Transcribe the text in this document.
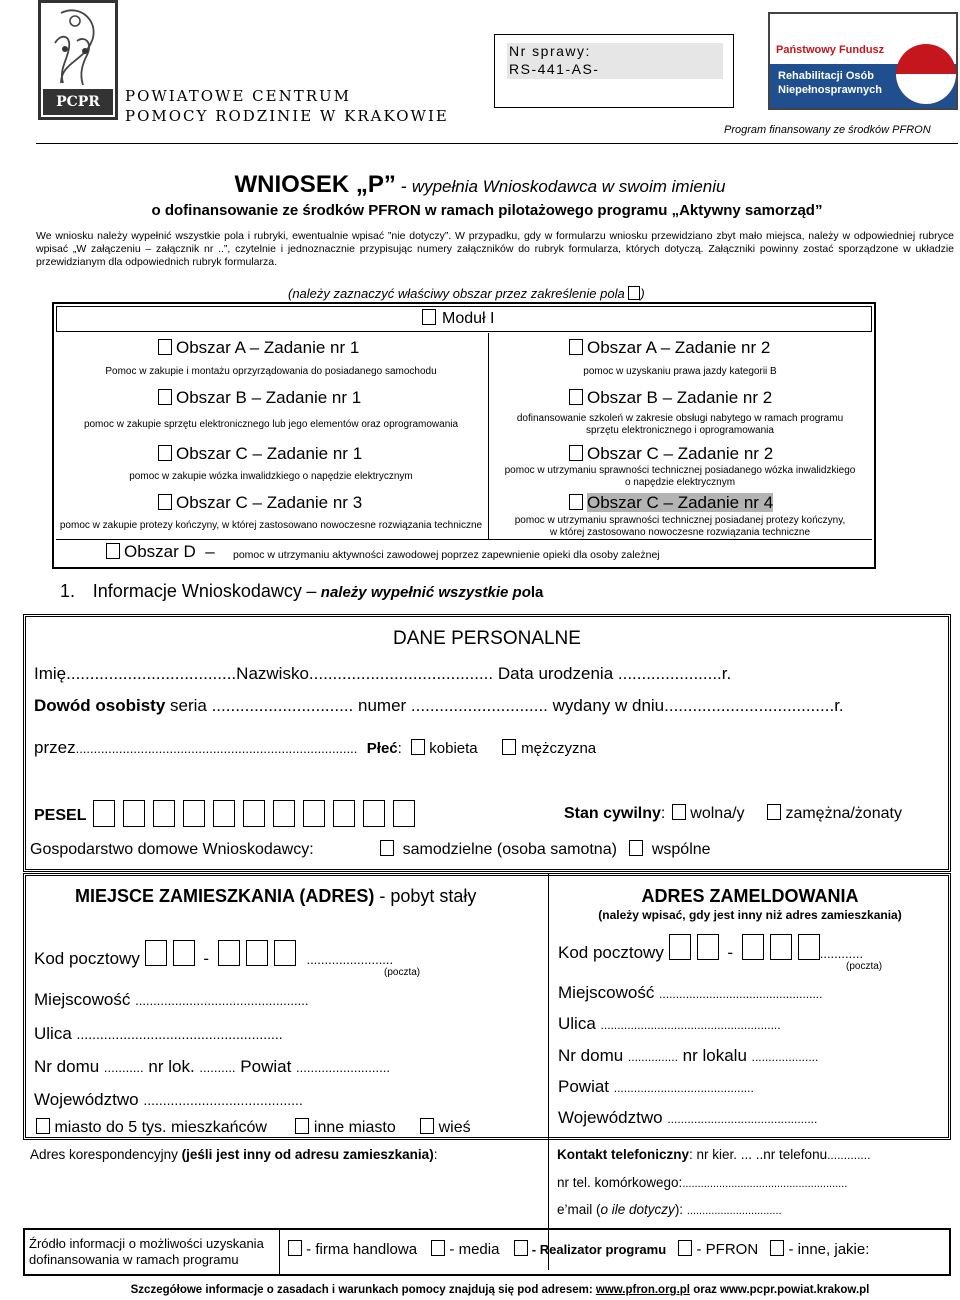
PCPR	POWIATOWE CENTRUM
POMOCY RODZINIE W KRAKOWIE
Nr sprawy:
RS-441-AS-
Państwowy Fundusz
Rehabilitacji Osób
Niepełnosprawnych
Program finansowany ze środków PFRON
WNIOSEK „P” - wypełnia Wnioskodawca w swoim imieniu
o dofinansowanie ze środków PFRON w ramach pilotażowego programu „Aktywny samorząd”
We wniosku należy wypełnić wszystkie pola i rubryki, ewentualnie wpisać ”nie dotyczy”. W przypadku, gdy w formularzu wniosku przewidziano zbyt mało miejsca, należy w odpowiedniej rubryce wpisać „W załączeniu – załącznik nr ..”, czytelnie i jednoznacznie przypisując numery załączników do rubryk formularza, których dotyczą. Załączniki powinny zostać sporządzone w układzie przewidzianym dla odpowiednich rubryk formularza.
(należy zaznaczyć właściwy obszar przez zakreślenie pola )
Moduł I
Obszar A – Zadanie nr 1
Pomoc w zakupie i montażu oprzyrządowania do posiadanego samochodu
Obszar A – Zadanie nr 2
pomoc w uzyskaniu prawa jazdy kategorii B
Obszar B – Zadanie nr 1
pomoc w zakupie sprzętu elektronicznego lub jego elementów oraz oprogramowania
Obszar B – Zadanie nr 2
dofinansowanie szkoleń w zakresie obsługi nabytego w ramach programu
sprzętu elektronicznego i oprogramowania
Obszar C – Zadanie nr 1
pomoc w zakupie wózka inwalidzkiego o napędzie elektrycznym
Obszar C – Zadanie nr 2
pomoc w utrzymaniu sprawności technicznej posiadanego wózka inwalidzkiego
o napędzie elektrycznym
Obszar C – Zadanie nr 3
pomoc w zakupie protezy kończyny, w której zastosowano nowoczesne rozwiązania techniczne
Obszar C – Zadanie nr 4
pomoc w utrzymaniu sprawności technicznej posiadanej protezy kończyny,
w której zastosowano nowoczesne rozwiązania techniczne
Obszar D – pomoc w utrzymaniu aktywności zawodowej poprzez zapewnienie opieki dla osoby zależnej
1. Informacje Wnioskodawcy – należy wypełnić wszystkie pola
DANE PERSONALNE
Imię....................................Nazwisko....................................... Data urodzenia ......................r.
Dowód osobisty seria .............................. numer ............................. wydany w dniu....................................r.
przez.............................................................................. Płeć: kobieta	mężczyzna
PESEL	Stan cywilny: wolna/y	zamężna/żonaty
Gospodarstwo domowe Wnioskodawcy:	samodzielne (osoba samotna) wspólne
MIEJSCE ZAMIESZKANIA (ADRES) - pobyt stały	ADRES ZAMELDOWANIA
(należy wpisać, gdy jest inny niż adres zamieszkania)
Kod pocztowy	-	........................
(poczta)
Miejscowość ................................................
Ulica .....................................................
Nr domu ........... nr lok. .......... Powiat ..........................
Województwo .........................................
miasto do 5 tys. mieszkańców	inne miasto	wieś
Kod pocztowy	-	............
(poczta)
Miejscowość .................................................
Ulica ......................................................
Nr domu ............... nr lokalu ....................
Powiat ..........................................
Województwo .............................................
Adres korespondencyjny (jeśli jest inny od adresu zamieszkania):	Kontakt telefoniczny: nr kier. ... ..nr telefonu.............
nr tel. komórkowego:......................................................
e’mail (o ile dotyczy): ...............................
Źródło informacji o możliwości uzyskania
dofinansowania w ramach programu
- firma handlowa - media - Realizator programu - PFRON - inne, jakie:
Szczegółowe informacje o zasadach i warunkach pomocy znajdują się pod adresem: www.pfron.org.pl oraz www.pcpr.powiat.krakow.pl
